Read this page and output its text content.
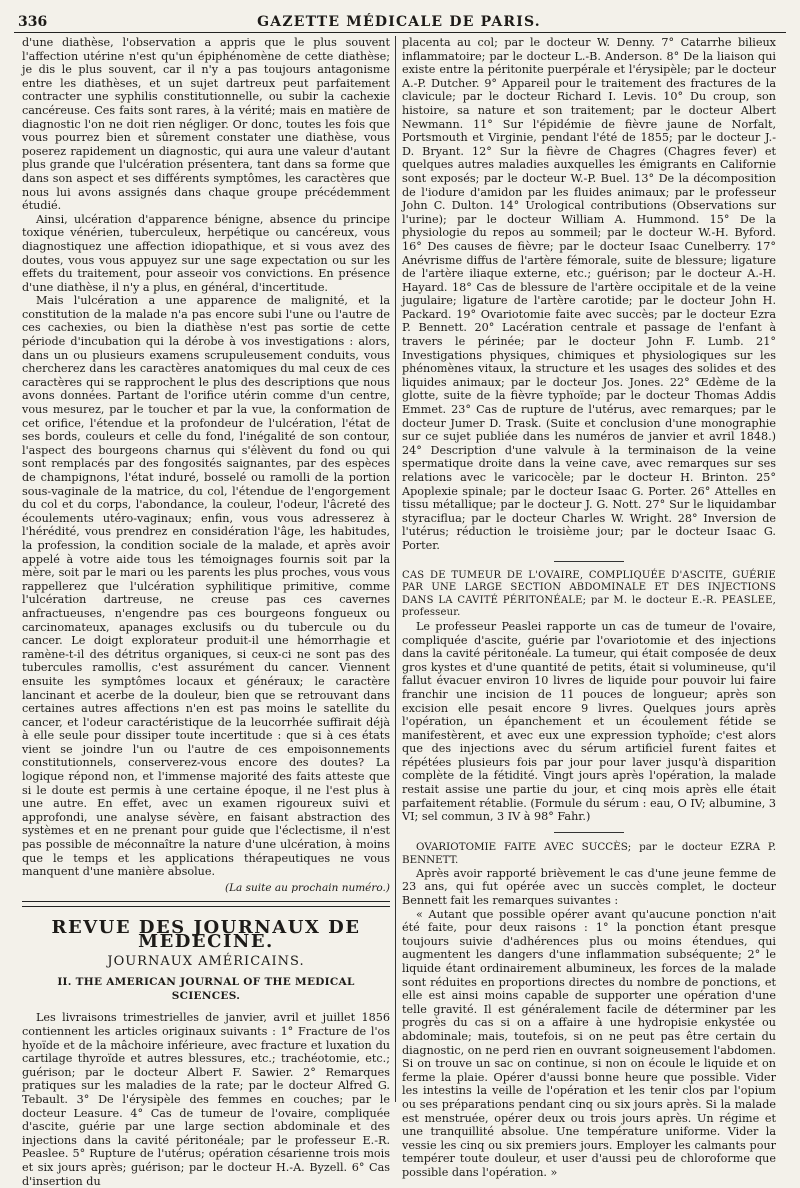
336	GAZETTE MÉDICALE DE PARIS.

d'une diathèse, l'observation a appris que le plus souvent l'affection utérine n'est qu'un épiphénomène de cette diathèse; je dis le plus souvent, car il n'y a pas toujours antagonisme entre les diathèses, et un sujet dartreux peut parfaitement contracter une syphilis constitutionnelle, ou subir la cachexie cancéreuse. Ces faits sont rares, à la vérité; mais en matière de diagnostic l'on ne doit rien négliger. Or donc, toutes les fois que vous pourrez bien et sûrement constater une diathèse, vous poserez rapidement un diagnostic, qui aura une valeur d'autant plus grande que l'ulcération présentera, tant dans sa forme que dans son aspect et ses différents symptômes, les caractères que nous lui avons assignés dans chaque groupe précédemment étudié.

Ainsi, ulcération d'apparence bénigne, absence du principe toxique vénérien, tuberculeux, herpétique ou cancéreux, vous diagnostiquez une affection idiopathique, et si vous avez des doutes, vous vous appuyez sur une sage expectation ou sur les effets du traitement, pour asseoir vos convictions. En présence d'une diathèse, il n'y a plus, en général, d'incertitude.

Mais l'ulcération a une apparence de malignité, et la constitution de la malade n'a pas encore subi l'une ou l'autre de ces cachexies, ou bien la diathèse n'est pas sortie de cette période d'incubation qui la dérobe à vos investigations : alors, dans un ou plusieurs examens scrupuleusement conduits, vous chercherez dans les caractères anatomiques du mal ceux de ces caractères qui se rapprochent le plus des descriptions que nous avons données. Partant de l'orifice utérin comme d'un centre, vous mesurez, par le toucher et par la vue, la conformation de cet orifice, l'étendue et la profondeur de l'ulcération, l'état de ses bords, couleurs et celle du fond, l'inégalité de son contour, l'aspect des bourgeons charnus qui s'élèvent du fond ou qui sont remplacés par des fongosités saignantes, par des espèces de champignons, l'état induré, bosselé ou ramolli de la portion sous-vaginale de la matrice, du col, l'étendue de l'engorgement du col et du corps, l'abondance, la couleur, l'odeur, l'âcreté des écoulements utéro-vaginaux; enfin, vous vous adresserez à l'hérédité, vous prendrez en considération l'âge, les habitudes, la profession, la condition sociale de la malade, et après avoir appelé à votre aide tous les témoignages fournis soit par la mère, soit par le mari ou les parents les plus proches, vous vous rappellerez que l'ulcération syphilitique primitive, comme l'ulcération dartreuse, ne creuse pas ces cavernes anfractueuses, n'engendre pas ces bourgeons fongueux ou carcinomateux, apanages exclusifs ou du tubercule ou du cancer. Le doigt explorateur produit-il une hémorrhagie et ramène-t-il des détritus organiques, si ceux-ci ne sont pas des tubercules ramollis, c'est assurément du cancer. Viennent ensuite les symptômes locaux et généraux; le caractère lancinant et acerbe de la douleur, bien que se retrouvant dans certaines autres affections n'en est pas moins le satellite du cancer, et l'odeur caractéristique de la leucorrhée suffirait déjà à elle seule pour dissiper toute incertitude : que si à ces états vient se joindre l'un ou l'autre de ces empoisonnements constitutionnels, conserverez-vous encore des doutes? La logique répond non, et l'immense majorité des faits atteste que si le doute est permis à une certaine époque, il ne l'est plus à une autre. En effet, avec un examen rigoureux suivi et approfondi, une analyse sévère, en faisant abstraction des systèmes et en ne prenant pour guide que l'éclectisme, il n'est pas possible de méconnaître la nature d'une ulcération, à moins que le temps et les applications thérapeutiques ne vous manquent d'une manière absolue.

(La suite au prochain numéro.)
REVUE DES JOURNAUX DE MÉDECINE.
JOURNAUX AMÉRICAINS.
II. THE AMERICAN JOURNAL OF THE MEDICAL SCIENCES.

Les livraisons trimestrielles de janvier, avril et juillet 1856 contiennent les articles originaux suivants : 1° Fracture de l'os hyoïde et de la mâchoire inférieure, avec fracture et luxation du cartilage thyroïde et autres blessures, etc.; trachéotomie, etc.; guérison; par le docteur Albert F. Sawier. 2° Remarques pratiques sur les maladies de la rate; par le docteur Alfred G. Tebault. 3° De l'érysipèle des femmes en couches; par le docteur Leasure. 4° Cas de tumeur de l'ovaire, compliquée d'ascite, guérie par une large section abdominale et des injections dans la cavité péritonéale; par le professeur E.-R. Peaslee. 5° Rupture de l'utérus; opération césarienne trois mois et six jours après; guérison; par le docteur H.-A. Byzell. 6° Cas d'insertion du

placenta au col; par le docteur W. Denny. 7° Catarrhe bilieux inflammatoire; par le docteur L.-B. Anderson. 8° De la liaison qui existe entre la péritonite puerpérale et l'érysipèle; par le docteur A.-P. Dutcher. 9° Appareil pour le traitement des fractures de la clavicule; par le docteur Richard I. Levis. 10° Du croup, son histoire, sa nature et son traitement; par le docteur Albert Newmann. 11° Sur l'épidémie de fièvre jaune de Norfalt, Portsmouth et Virginie, pendant l'été de 1855; par le docteur J.-D. Bryant. 12° Sur la fièvre de Chagres (Chagres fever) et quelques autres maladies auxquelles les émigrants en Californie sont exposés; par le docteur W.-P. Buel. 13° De la décomposition de l'iodure d'amidon par les fluides animaux; par le professeur John C. Dulton. 14° Urological contributions (Observations sur l'urine); par le docteur William A. Hummond. 15° De la physiologie du repos au sommeil; par le docteur W.-H. Byford. 16° Des causes de fièvre; par le docteur Isaac Cunelberry. 17° Anévrisme diffus de l'artère fémorale, suite de blessure; ligature de l'artère iliaque externe, etc.; guérison; par le docteur A.-H. Hayard. 18° Cas de blessure de l'artère occipitale et de la veine jugulaire; ligature de l'artère carotide; par le docteur John H. Packard. 19° Ovariotomie faite avec succès; par le docteur Ezra P. Bennett. 20° Lacération centrale et passage de l'enfant à travers le périnée; par le docteur John F. Lumb. 21° Investigations physiques, chimiques et physiologiques sur les phénomènes vitaux, la structure et les usages des solides et des liquides animaux; par le docteur Jos. Jones. 22° Œdème de la glotte, suite de la fièvre typhoïde; par le docteur Thomas Addis Emmet. 23° Cas de rupture de l'utérus, avec remarques; par le docteur Jumer D. Trask. (Suite et conclusion d'une monographie sur ce sujet publiée dans les numéros de janvier et avril 1848.) 24° Description d'une valvule à la terminaison de la veine spermatique droite dans la veine cave, avec remarques sur ses relations avec le varicocèle; par le docteur H. Brinton. 25° Apoplexie spinale; par le docteur Isaac G. Porter. 26° Attelles en tissu métallique; par le docteur J. G. Nott. 27° Sur le liquidambar styraciflua; par le docteur Charles W. Wright. 28° Inversion de l'utérus; réduction le troisième jour; par le docteur Isaac G. Porter.

CAS DE TUMEUR DE L'OVAIRE, COMPLIQUÉE D'ASCITE, GUÉRIE PAR UNE LARGE SECTION ABDOMINALE ET DES INJECTIONS DANS LA CAVITÉ PÉRITONÉALE; par M. le docteur E.-R. PEASLEE, professeur.

Le professeur Peaslei rapporte un cas de tumeur de l'ovaire, compliquée d'ascite, guérie par l'ovariotomie et des injections dans la cavité péritonéale. La tumeur, qui était composée de deux gros kystes et d'une quantité de petits, était si volumineuse, qu'il fallut évacuer environ 10 livres de liquide pour pouvoir lui faire franchir une incision de 11 pouces de longueur; après son excision elle pesait encore 9 livres. Quelques jours après l'opération, un épanchement et un écoulement fétide se manifestèrent, et avec eux une expression typhoïde; c'est alors que des injections avec du sérum artificiel furent faites et répétées plusieurs fois par jour pour laver jusqu'à disparition complète de la fétidité. Vingt jours après l'opération, la malade restait assise une partie du jour, et cinq mois après elle était parfaitement rétablie. (Formule du sérum : eau, O IV; albumine, 3 VI; sel commun, 3 IV à 98° Fahr.)

OVARIOTOMIE FAITE AVEC SUCCÈS; par le docteur EZRA P. BENNETT.

Après avoir rapporté brièvement le cas d'une jeune femme de 23 ans, qui fut opérée avec un succès complet, le docteur Bennett fait les remarques suivantes :

« Autant que possible opérer avant qu'aucune ponction n'ait été faite, pour deux raisons : 1° la ponction étant presque toujours suivie d'adhérences plus ou moins étendues, qui augmentent les dangers d'une inflammation subséquente; 2° le liquide étant ordinairement albumineux, les forces de la malade sont réduites en proportions directes du nombre de ponctions, et elle est ainsi moins capable de supporter une opération d'une telle gravité. Il est généralement facile de déterminer par les progrès du cas si on a affaire à une hydropisie enkystée ou abdominale; mais, toutefois, si on ne peut pas être certain du diagnostic, on ne perd rien en ouvrant soigneusement l'abdomen. Si on trouve un sac on continue, si non on écoule le liquide et on ferme la plaie. Opérer d'aussi bonne heure que possible. Vider les intestins la veille de l'opération et les tenir clos par l'opium ou ses préparations pendant cinq ou six jours après. Si la malade est menstruée, opérer deux ou trois jours après. Un régime et une tranquillité absolue. Une température uniforme. Vider la vessie les cinq ou six premiers jours. Employer les calmants pour tempérer toute douleur, et user d'aussi peu de chloroforme que possible dans l'opération. »
